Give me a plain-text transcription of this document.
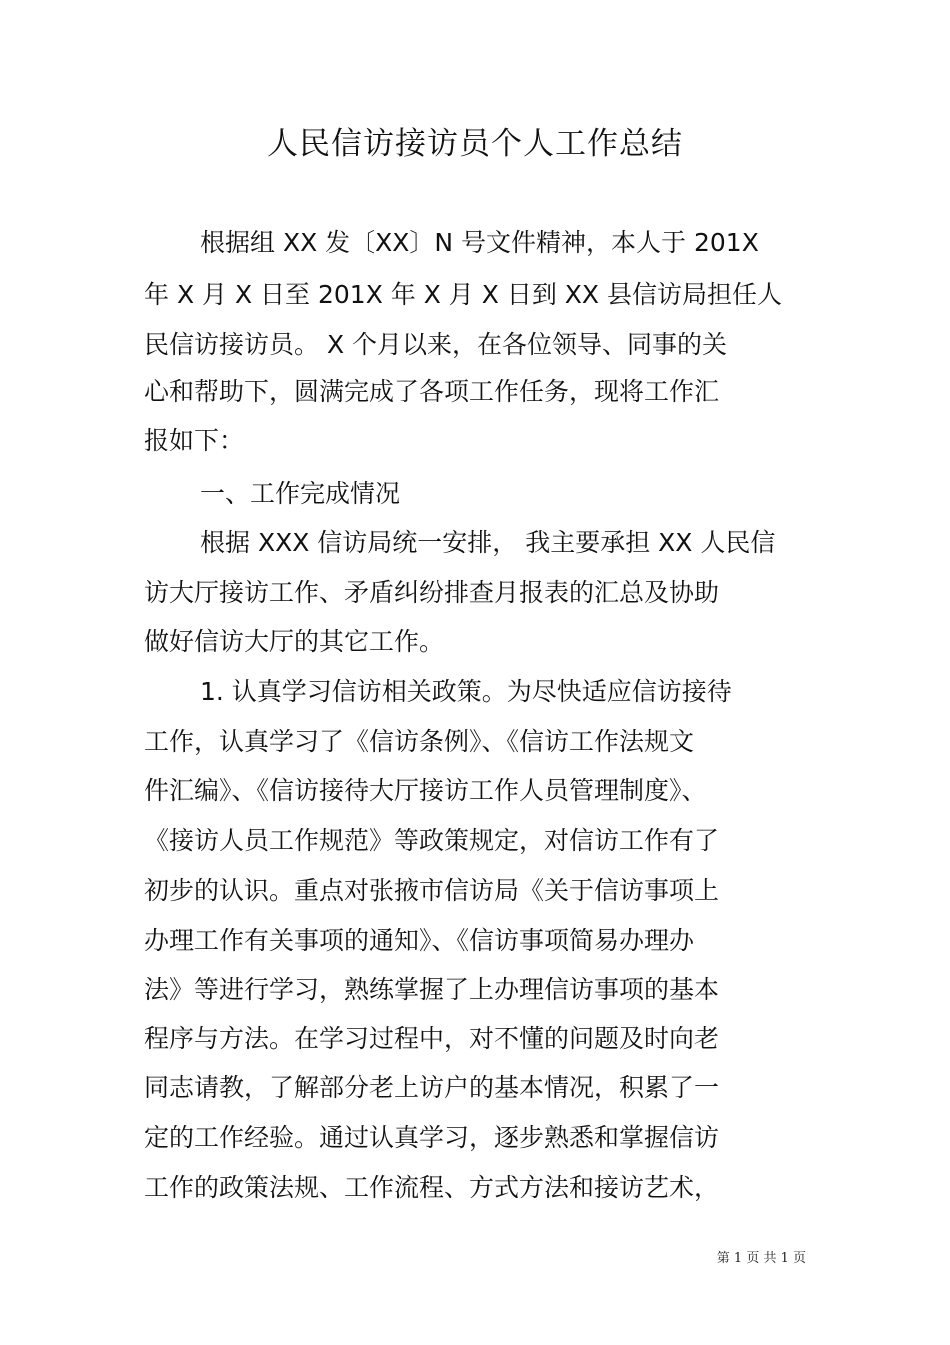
人民信访接访员个人工作总结
根据组 XX 发〔XX〕N 号文件精神，本人于 201X
年 X 月 X 日至 201X 年 X 月 X 日到 XX 县信访局担任人
民信访接访员。 X 个月以来，在各位领导、同事的关
心和帮助下，圆满完成了各项工作任务，现将工作汇
报如下：
一、工作完成情况
根据 XXX 信访局统一安排， 我主要承担 XX 人民信
访大厅接访工作、矛盾纠纷排查月报表的汇总及协助
做好信访大厅的其它工作。
1. 认真学习信访相关政策。为尽快适应信访接待
工作，认真学习了《信访条例》、《信访工作法规文
件汇编》、《信访接待大厅接访工作人员管理制度》、
《接访人员工作规范》等政策规定，对信访工作有了
初步的认识。重点对张掖市信访局《关于信访事项上
办理工作有关事项的通知》、《信访事项简易办理办
法》等进行学习，熟练掌握了上办理信访事项的基本
程序与方法。在学习过程中，对不懂的问题及时向老
同志请教，了解部分老上访户的基本情况，积累了一
定的工作经验。通过认真学习，逐步熟悉和掌握信访
工作的政策法规、工作流程、方式方法和接访艺术，
第 1 页 共 1 页
